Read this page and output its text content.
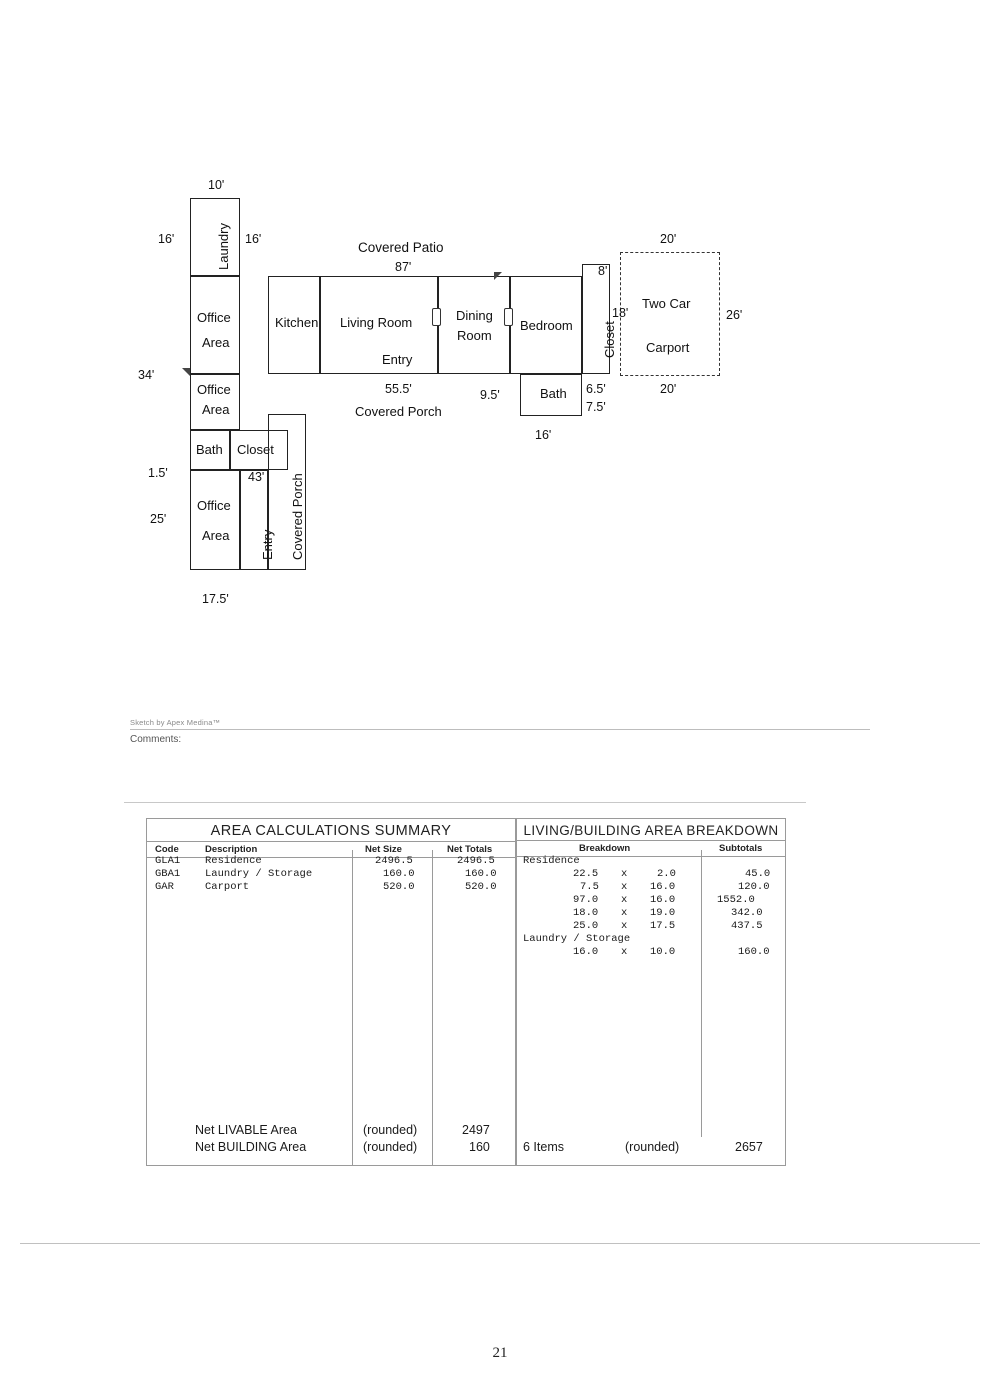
Laundry
10'
16'	16'
Office
Area
Office
Area
Bath Closet
Office
Area Entry Covered Porch
Kitchen Living Room	Dining
Room
Bedroom Closet
Covered Patio
87'
Entry
55.5'
Covered Porch
Bath
9.5'	6.5'
7.5'
16'
Two Car
Carport
20'
8'
26'
18'
20'
34'
1.5'
25'
43'
17.5'
Sketch by Apex Medina™
Comments:
AREA CALCULATIONS SUMMARY
Code	Description	Net Size	Net Totals
GLA1 Residence	2496.5	2496.5
GBA1 Laundry / Storage	160.0	160.0
GAR	Carport	520.0	520.0
Net LIVABLE Area	(rounded)	2497
Net BUILDING Area	(rounded)	160
LIVING/BUILDING AREA BREAKDOWN
Breakdown	Subtotals
Residence
22.5 x	2.0	45.0
7.5 x 16.0	120.0
97.0 x 16.0	1552.0
18.0 x 19.0	342.0
25.0 x 17.5	437.5
Laundry / Storage
16.0 x 10.0	160.0
6 Items	(rounded)	2657
21
